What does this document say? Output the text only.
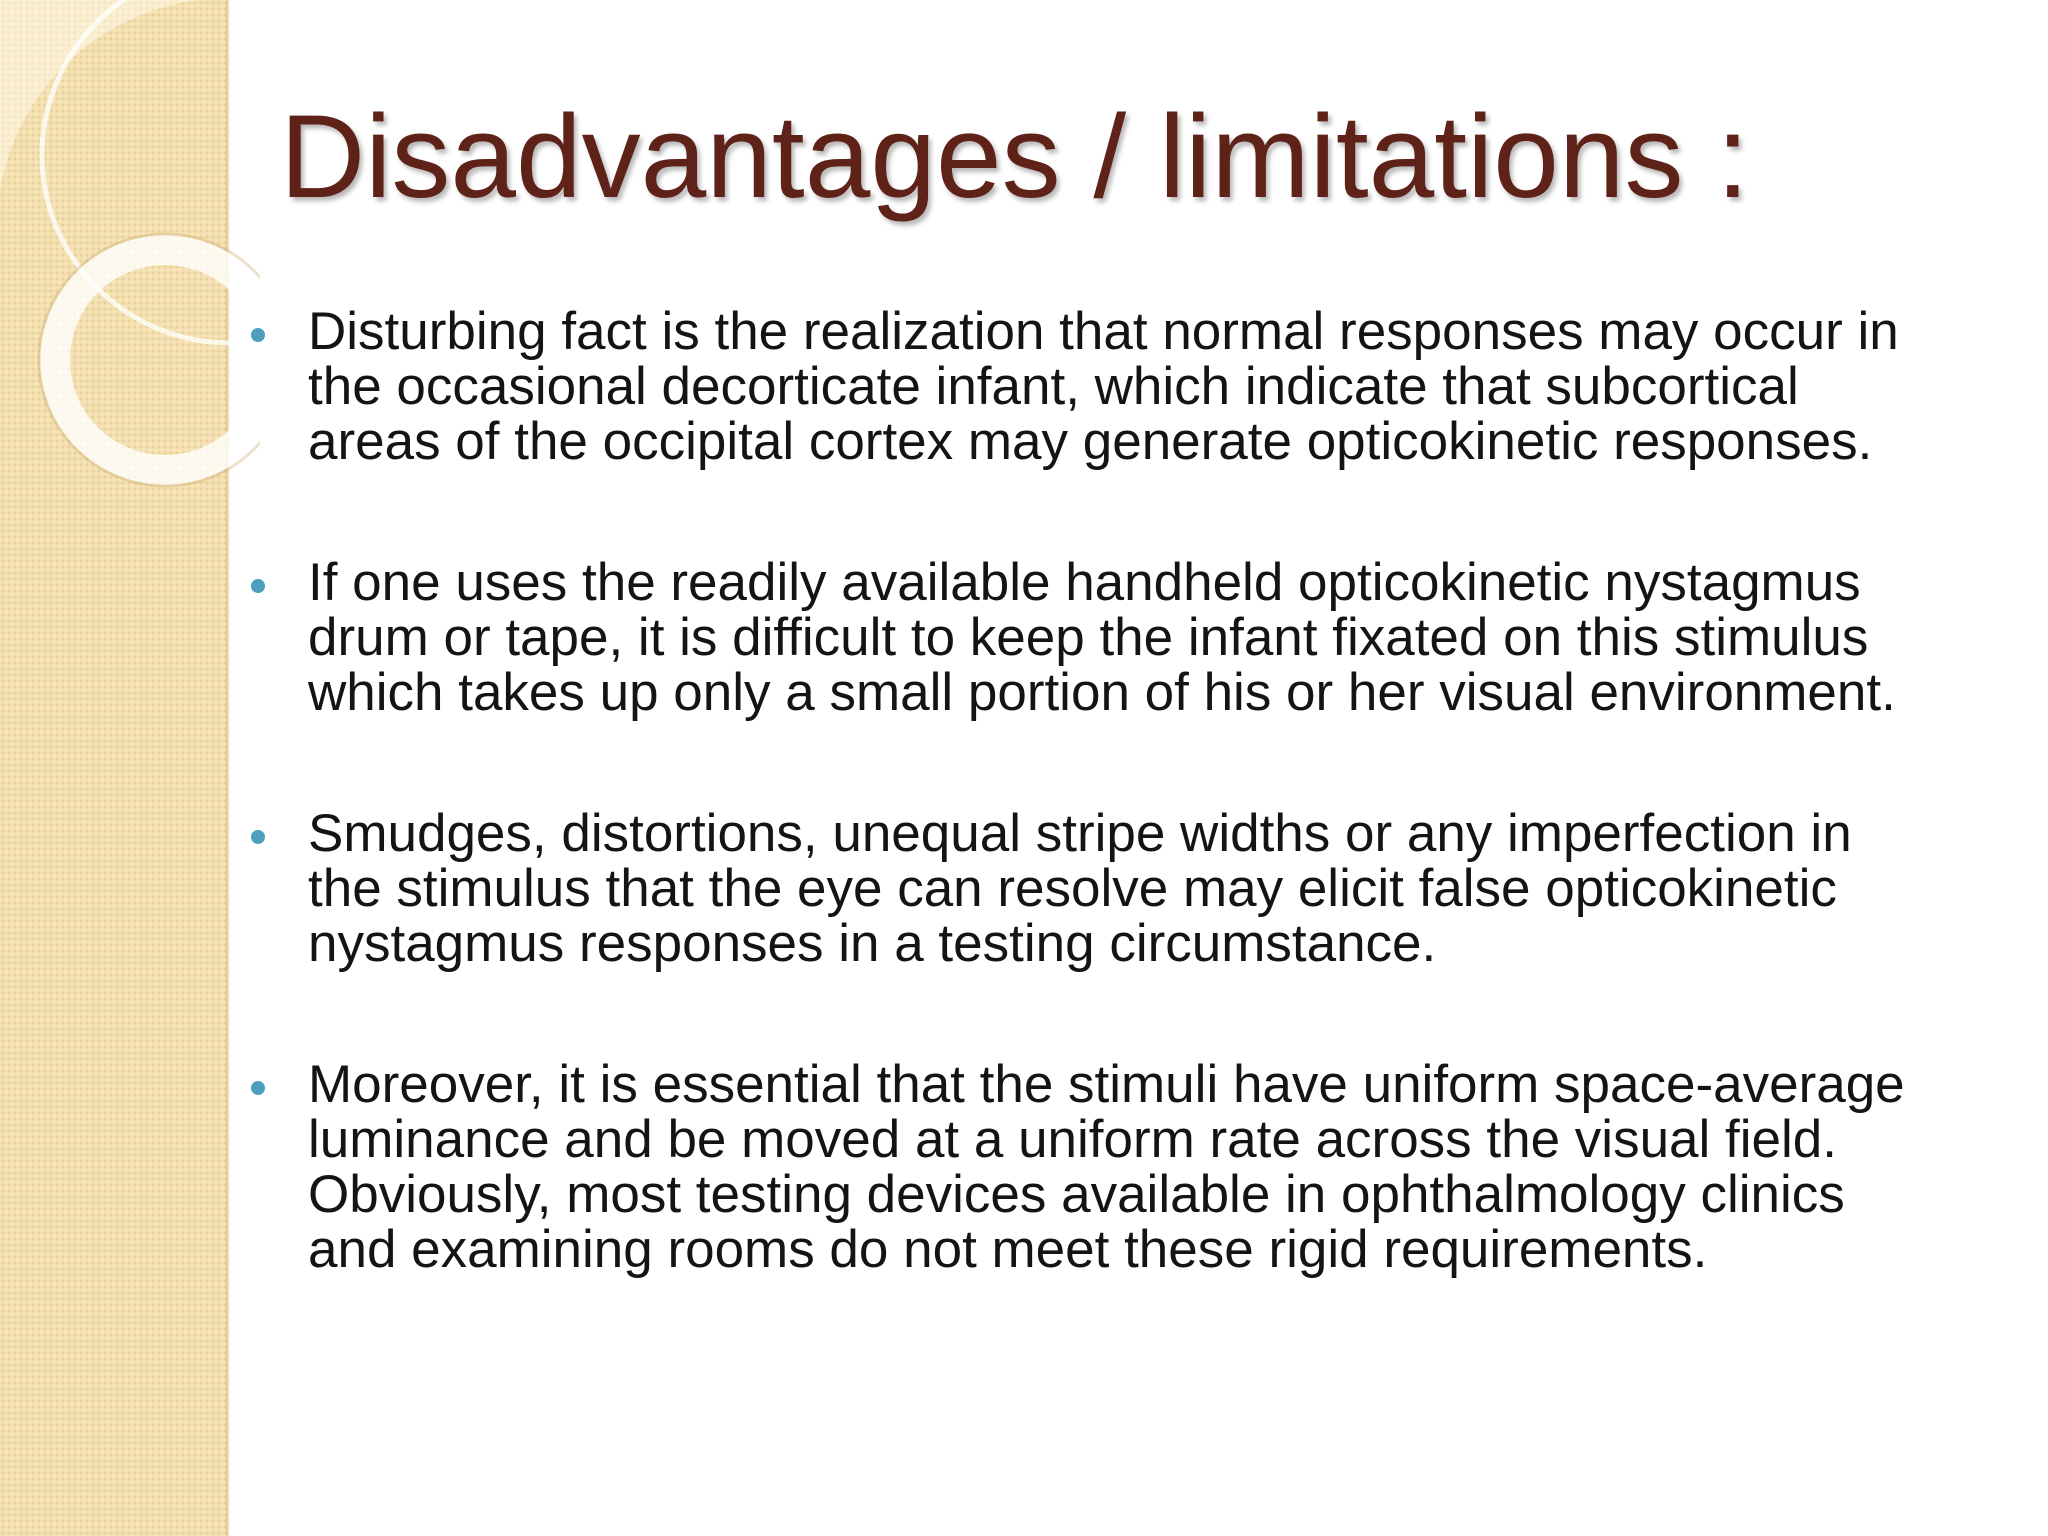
Disadvantages / limitations :
Disturbing fact is the realization that normal responses may occur in the occasional decorticate infant, which indicate that subcortical areas of the occipital cortex may generate opticokinetic responses.
If one uses the readily available handheld opticokinetic nystagmus drum or tape, it is difficult to keep the infant fixated on this stimulus which takes up only a small portion of his or her visual environment.
Smudges, distortions, unequal stripe widths or any imperfection in the stimulus that the eye can resolve may elicit false opticokinetic nystagmus responses in a testing circumstance.
Moreover, it is essential that the stimuli have uniform space-average luminance and be moved at a uniform rate across the visual field. Obviously, most testing devices available in ophthalmology clinics and examining rooms do not meet these rigid requirements.
